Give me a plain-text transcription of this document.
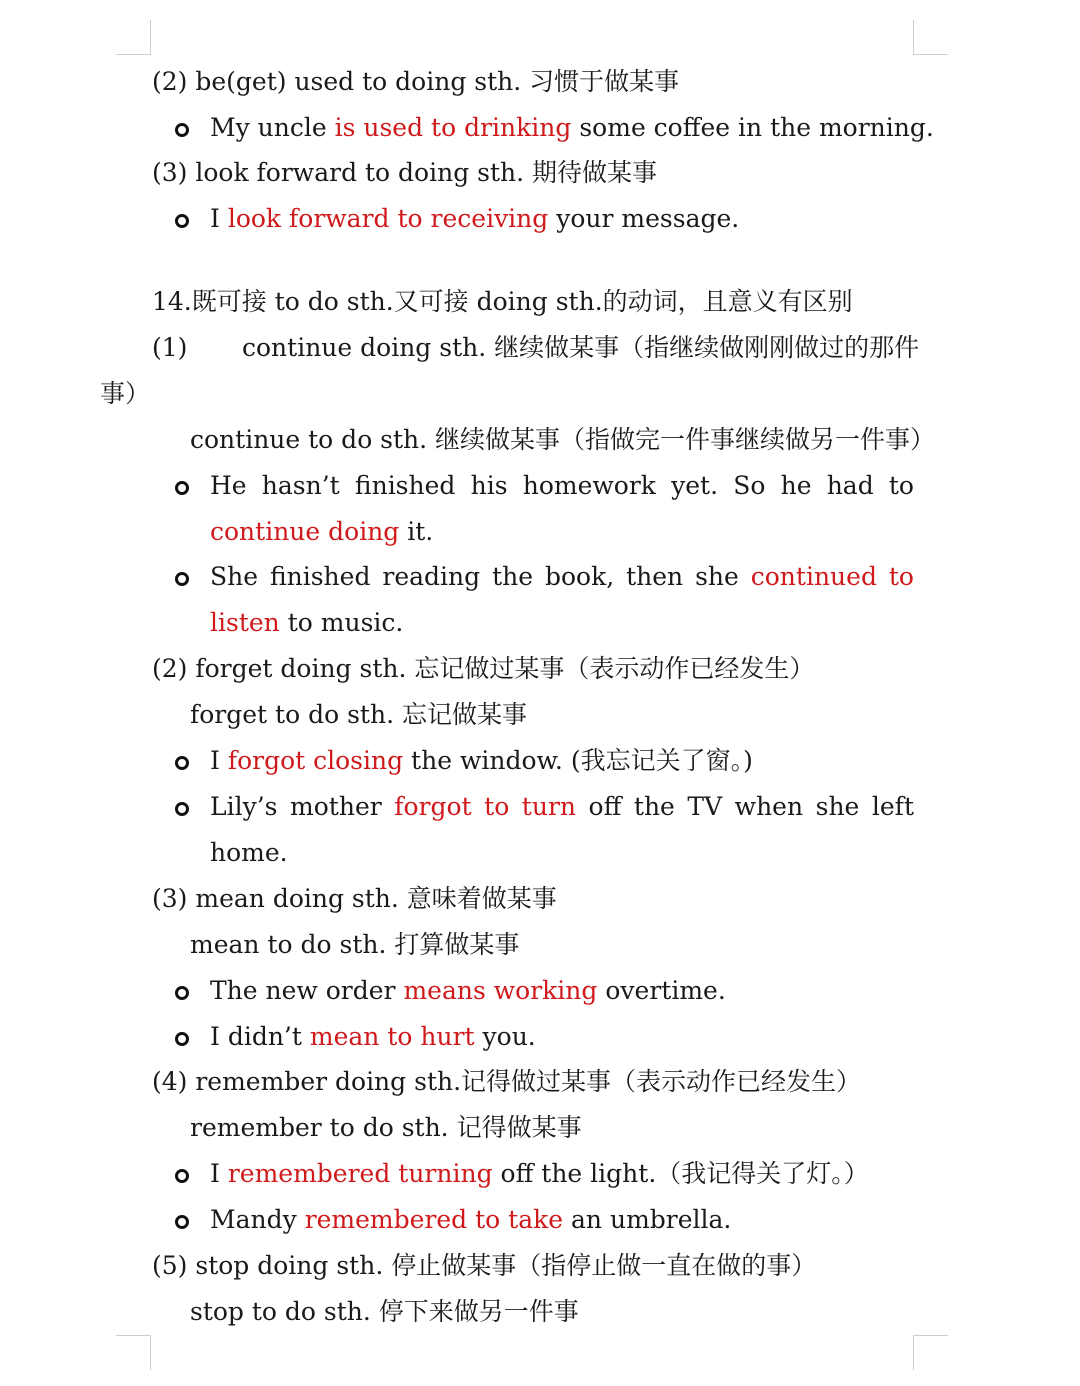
(2) be(get) used to doing sth. 习惯于做某事
My uncle is used to drinking some coffee in the morning.
(3) look forward to doing sth. 期待做某事
I look forward to receiving your message.
14.既可接 to do sth.又可接 doing sth.的动词，且意义有区别
(1) continue doing sth. 继续做某事（指继续做刚刚做过的那件
事）
continue to do sth. 继续做某事（指做完一件事继续做另一件事）
He hasn’t finished his homework yet. So he had to
continue doing it.
She finished reading the book, then she continued to
listen to music.
(2) forget doing sth. 忘记做过某事（表示动作已经发生）
forget to do sth. 忘记做某事
I forgot closing the window. (我忘记关了窗。)
Lily’s mother forgot to turn off the TV when she left
home.
(3) mean doing sth. 意味着做某事
mean to do sth. 打算做某事
The new order means working overtime.
I didn’t mean to hurt you.
(4) remember doing sth.记得做过某事（表示动作已经发生）
remember to do sth. 记得做某事
I remembered turning off the light.（我记得关了灯。）
Mandy remembered to take an umbrella.
(5) stop doing sth. 停止做某事（指停止做一直在做的事）
stop to do sth. 停下来做另一件事
